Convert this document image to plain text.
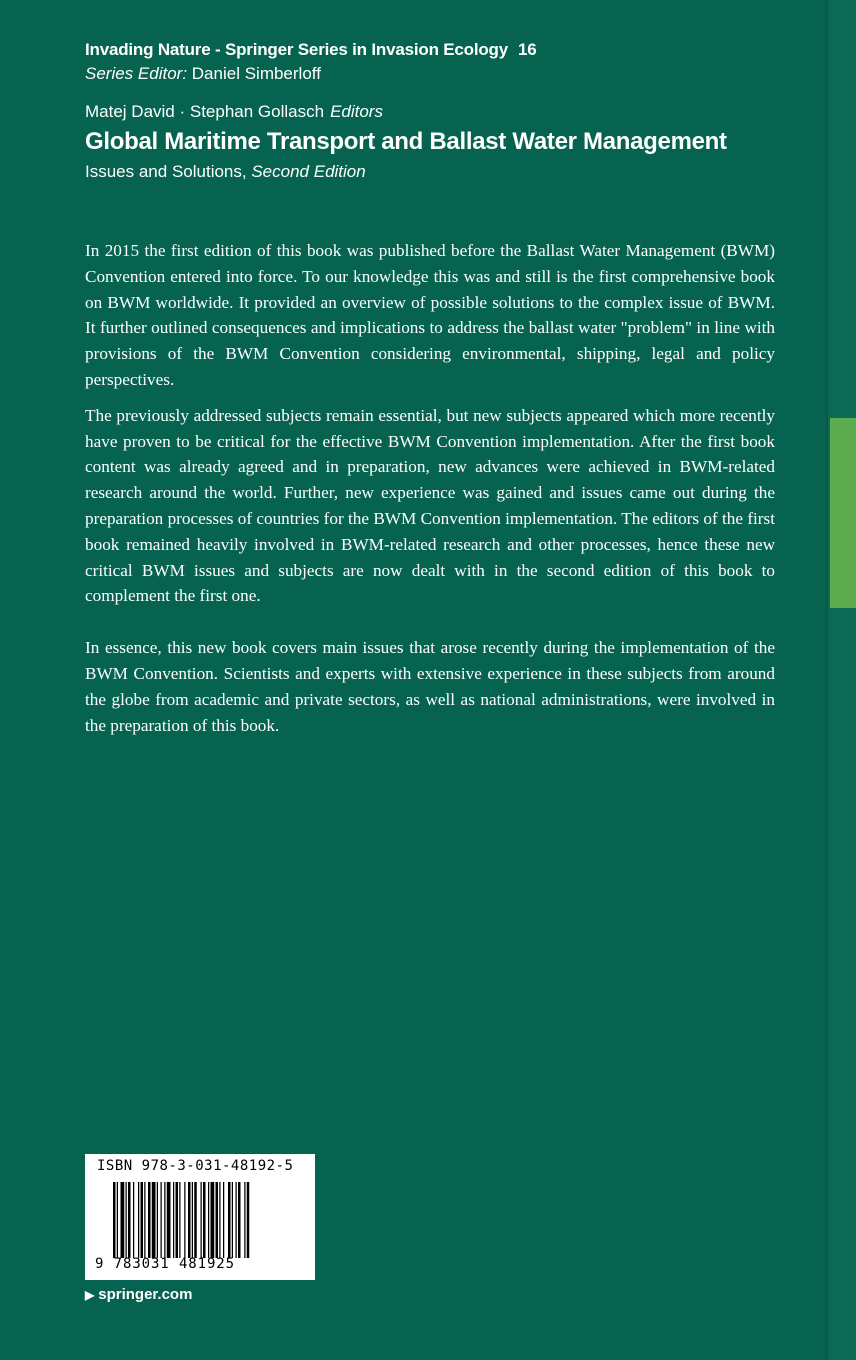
Invading Nature - Springer Series in Invasion Ecology 16
Series Editor: Daniel Simberloff
Matej David · Stephan Gollasch Editors
Global Maritime Transport and Ballast Water Management
Issues and Solutions, Second Edition

In 2015 the first edition of this book was published before the Ballast Water Management (BWM) Convention entered into force. To our knowledge this was and still is the first comprehensive book on BWM worldwide. It provided an overview of possible solutions to the complex issue of BWM. It further outlined consequences and implications to address the ballast water "problem" in line with provisions of the BWM Convention considering environmental, shipping, legal and policy perspectives.

The previously addressed subjects remain essential, but new subjects appeared which more recently have proven to be critical for the effective BWM Convention implementation. After the first book content was already agreed and in preparation, new advances were achieved in BWM-related research around the world. Further, new experience was gained and issues came out during the preparation processes of countries for the BWM Convention implementation. The editors of the first book remained heavily involved in BWM-related research and other processes, hence these new critical BWM issues and subjects are now dealt with in the second edition of this book to complement the first one.

In essence, this new book covers main issues that arose recently during the implementation of the BWM Convention. Scientists and experts with extensive experience in these subjects from around the globe from academic and private sectors, as well as national administrations, were involved in the preparation of this book.

ISBN 978-3-031-48192-5
9 783031 481925
▶ springer.com
